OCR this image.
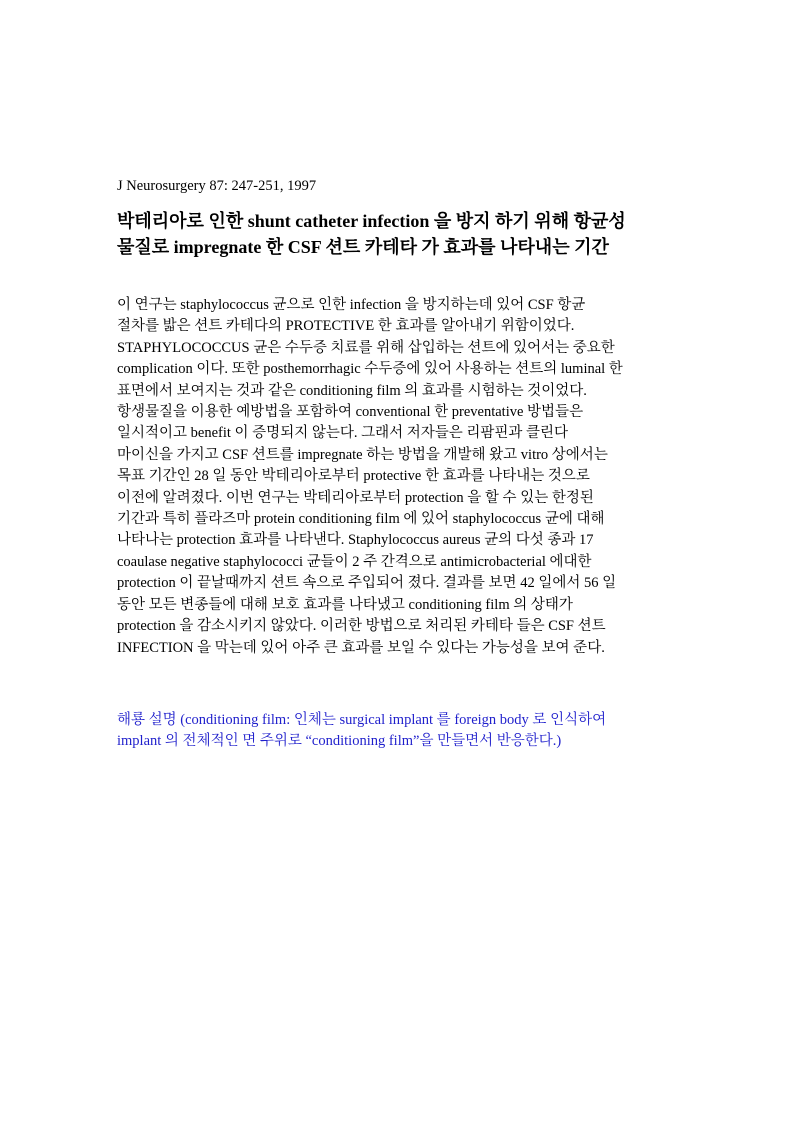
J Neurosurgery 87: 247-251, 1997
박테리아로 인한 shunt catheter infection 을 방지 하기 위해 항균성
물질로 impregnate 한 CSF 션트 카테타 가 효과를 나타내는 기간
이 연구는 staphylococcus 균으로 인한 infection 을 방지하는데 있어 CSF 항균
절차를 밟은 션트 카테다의 PROTECTIVE 한 효과를 알아내기 위함이었다.
STAPHYLOCOCCUS 균은 수두증 치료를 위해 삽입하는 션트에 있어서는 중요한
complication 이다. 또한 posthemorrhagic 수두증에 있어 사용하는 션트의 luminal 한
표면에서 보여지는 것과 같은 conditioning film 의 효과를 시험하는 것이었다.
항생물질을 이용한 예방법을 포함하여 conventional 한 preventative 방법들은
일시적이고 benefit 이 증명되지 않는다. 그래서 저자들은 리팜핀과 클린다
마이신을 가지고 CSF 션트를 impregnate 하는 방법을 개발해 왔고 vitro 상에서는
목표 기간인 28 일 동안 박테리아로부터 protective 한 효과를 나타내는 것으로
이전에 알려졌다. 이번 연구는 박테리아로부터 protection 을 할 수 있는 한정된
기간과 특히 플라즈마 protein conditioning film 에 있어 staphylococcus 균에 대해
나타나는 protection 효과를 나타낸다. Staphylococcus aureus 균의 다섯 종과 17
coaulase negative staphylococci 균들이 2 주 간격으로 antimicrobacterial 에대한
protection 이 끝날때까지 션트 속으로 주입되어 졌다. 결과를 보면 42 일에서 56 일
동안 모든 변종들에 대해 보호 효과를 나타냈고 conditioning film 의 상태가
protection 을 감소시키지 않았다. 이러한 방법으로 처리된 카테타 들은 CSF 션트
INFECTION 을 막는데 있어 아주 큰 효과를 보일 수 있다는 가능성을 보여 준다.
해룡 설명 (conditioning film: 인체는 surgical implant 를 foreign body 로 인식하여
implant 의 전체적인 면 주위로 “conditioning film”을 만들면서 반응한다.)
